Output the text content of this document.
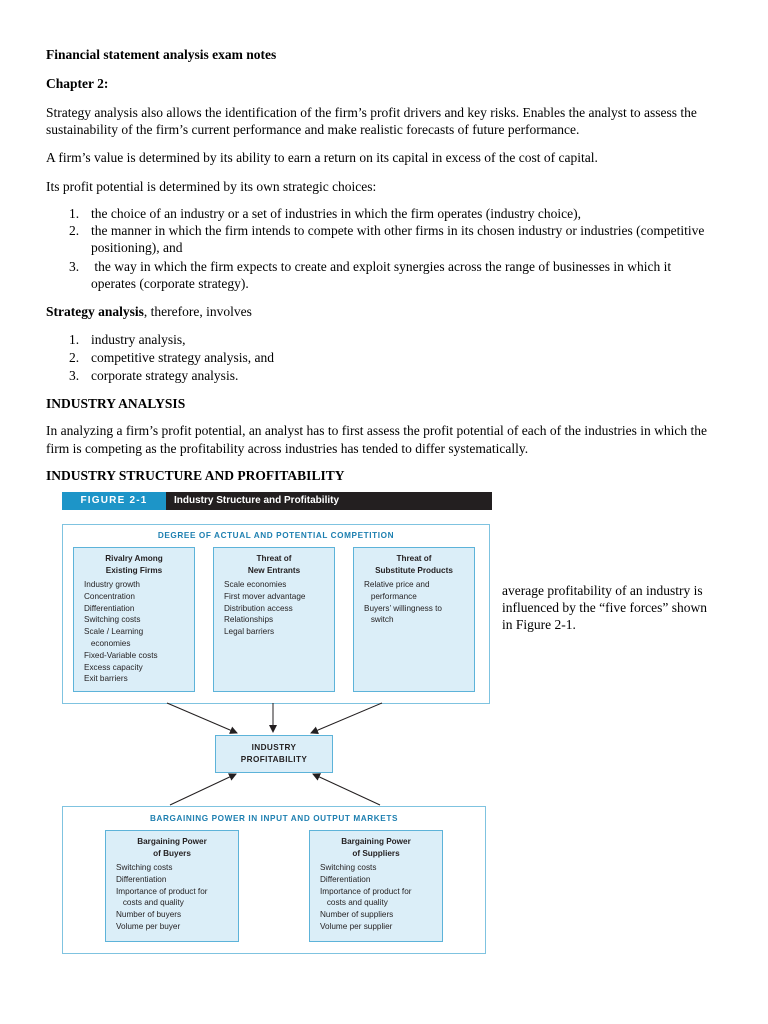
Financial statement analysis exam notes

Chapter 2:

Strategy analysis also allows the identification of the firm’s profit drivers and key risks. Enables the analyst to assess the

sustainability of the firm’s current performance and make realistic forecasts of future performance.

A firm’s value is determined by its ability to earn a return on its capital in excess of the cost of capital.

Its profit potential is determined by its own strategic choices:

1. the choice of an industry or a set of industries in which the firm operates (industry choice),
2. the manner in which the firm intends to compete with other firms in its chosen industry or industries (competitive
positioning), and
3. the way in which the firm expects to create and exploit synergies across the range of businesses in which it
operates (corporate strategy).

Strategy analysis, therefore, involves

1. industry analysis,
2. competitive strategy analysis, and
3. corporate strategy analysis.

INDUSTRY ANALYSIS

In analyzing a firm’s profit potential, an analyst has to first assess the profit potential of each of the industries in which the

firm is competing as the profitability across industries has tended to differ systematically.

INDUSTRY STRUCTURE AND PROFITABILITY

FIGURE 2-1	Industry Structure and Profitability
DEGREE OF ACTUAL AND POTENTIAL COMPETITION
Rivalry Among
Existing Firms
Industry growth
Concentration
Differentiation
Switching costs
Scale / Learning
economies
Fixed-Variable costs
Excess capacity
Exit barriers
Threat of
New Entrants
Scale economies
First mover advantage
Distribution access
Relationships
Legal barriers
Threat of
Substitute Products
Relative price and
performance
Buyers’ willingness to
switch
INDUSTRY
PROFITABILITY
BARGAINING POWER IN INPUT AND OUTPUT MARKETS
Bargaining Power
of Buyers
Switching costs
Differentiation
Importance of product for
costs and quality
Number of buyers
Volume per buyer
Bargaining Power
of Suppliers
Switching costs
Differentiation
Importance of product for
costs and quality
Number of suppliers
Volume per supplier

average profitability of an industry is

influenced by the “five forces” shown

in Figure 2-1.
